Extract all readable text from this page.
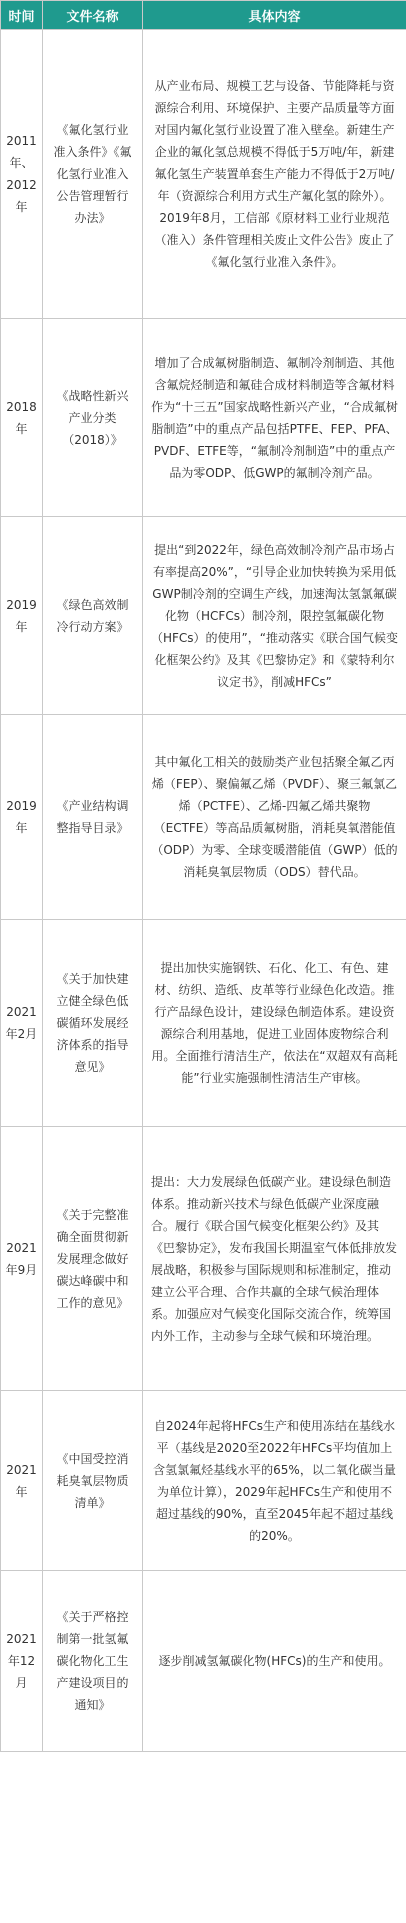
时间	文件名称	具体内容
2011年、2012年	《氟化氢行业准入条件》《氟化氢行业准入公告管理暂行办法》	从产业布局、规模工艺与设备、节能降耗与资源综合利用、环境保护、主要产品质量等方面对国内氟化氢行业设置了准入壁垒。新建生产企业的氟化氢总规模不得低于5万吨/年，新建氟化氢生产装置单套生产能力不得低于2万吨/年（资源综合利用方式生产氟化氢的除外）。2019年8月，工信部《原材料工业行业规范（准入）条件管理相关废止文件公告》废止了《氟化氢行业准入条件》。
2018年	《战略性新兴产业分类（2018）》	增加了合成氟树脂制造、氟制冷剂制造、其他含氟烷烃制造和氟硅合成材料制造等含氟材料作为“十三五”国家战略性新兴产业，“合成氟树脂制造”中的重点产品包括PTFE、FEP、PFA、PVDF、ETFE等，“氟制冷剂制造”中的重点产品为零ODP、低GWP的氟制冷剂产品。
2019年	《绿色高效制冷行动方案》	提出“到2022年，绿色高效制冷剂产品市场占有率提高20%”，“引导企业加快转换为采用低GWP制冷剂的空调生产线，加速淘汰氢氯氟碳化物（HCFCs）制冷剂，限控氢氟碳化物（HFCs）的使用”，“推动落实《联合国气候变化框架公约》及其《巴黎协定》和《蒙特利尔议定书》，削减HFCs”
2019年	《产业结构调整指导目录》	其中氟化工相关的鼓励类产业包括聚全氟乙丙烯（FEP）、聚偏氟乙烯（PVDF）、聚三氟氯乙烯（PCTFE）、乙烯-四氟乙烯共聚物（ECTFE）等高品质氟树脂，消耗臭氧潜能值（ODP）为零、全球变暖潜能值（GWP）低的消耗臭氧层物质（ODS）替代品。
2021年2月	《关于加快建立健全绿色低碳循环发展经济体系的指导意见》	提出加快实施钢铁、石化、化工、有色、建材、纺织、造纸、皮革等行业绿色化改造。推行产品绿色设计，建设绿色制造体系。建设资源综合利用基地，促进工业固体废物综合利用。全面推行清洁生产，依法在“双超双有高耗能”行业实施强制性清洁生产审核。
2021年9月	《关于完整准确全面贯彻新发展理念做好碳达峰碳中和工作的意见》	提出：大力发展绿色低碳产业。建设绿色制造体系。推动新兴技术与绿色低碳产业深度融合。履行《联合国气候变化框架公约》及其《巴黎协定》，发布我国长期温室气体低排放发展战略，积极参与国际规则和标准制定，推动建立公平合理、合作共赢的全球气候治理体系。加强应对气候变化国际交流合作，统筹国内外工作，主动参与全球气候和环境治理。
2021年	《中国受控消耗臭氧层物质清单》	自2024年起将HFCs生产和使用冻结在基线水平（基线是2020至2022年HFCs平均值加上含氢氯氟烃基线水平的65%，以二氧化碳当量为单位计算），2029年起HFCs生产和使用不超过基线的90%，直至2045年起不超过基线的20%。
2021年12月	《关于严格控制第一批氢氟碳化物化工生产建设项目的通知》	逐步削减氢氟碳化物(HFCs)的生产和使用。
